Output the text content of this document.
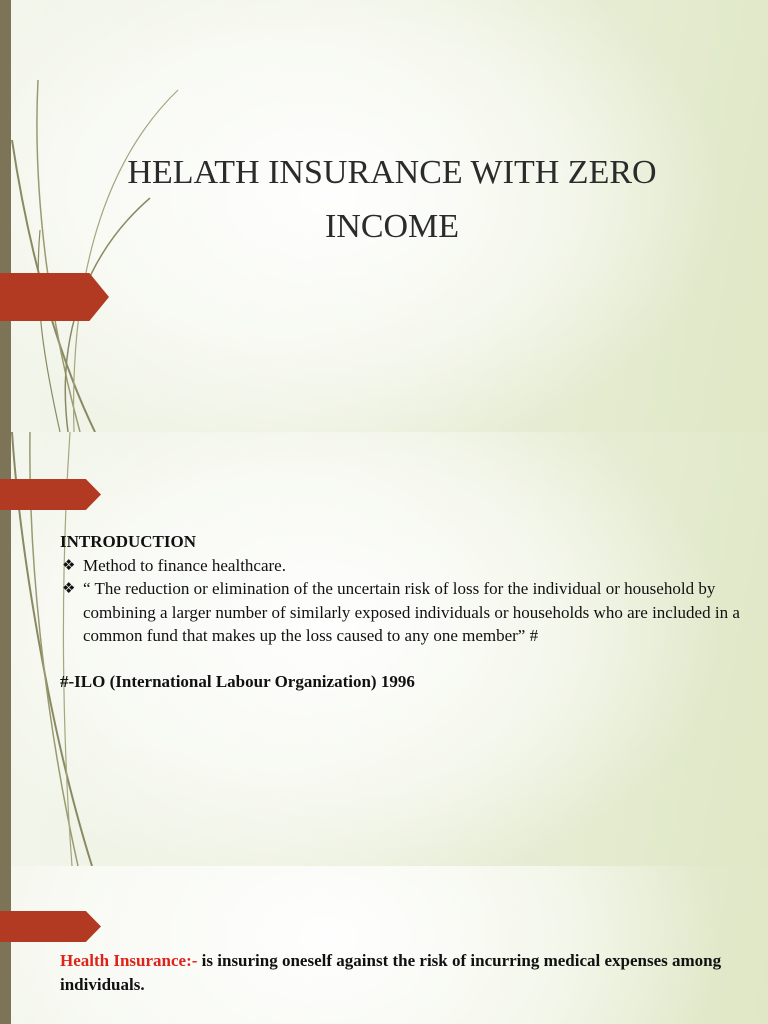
HELATH INSURANCE WITH ZERO
INCOME
INTRODUCTION
❖ Method to finance healthcare.
❖ “ The reduction or elimination of the uncertain risk of loss for the individual or household by combining a larger number of similarly exposed individuals or households who are included in a common fund that makes up the loss caused to any one member” #
#-ILO (International Labour Organization) 1996
Health Insurance:- is insuring oneself against the risk of incurring medical expenses among individuals.
